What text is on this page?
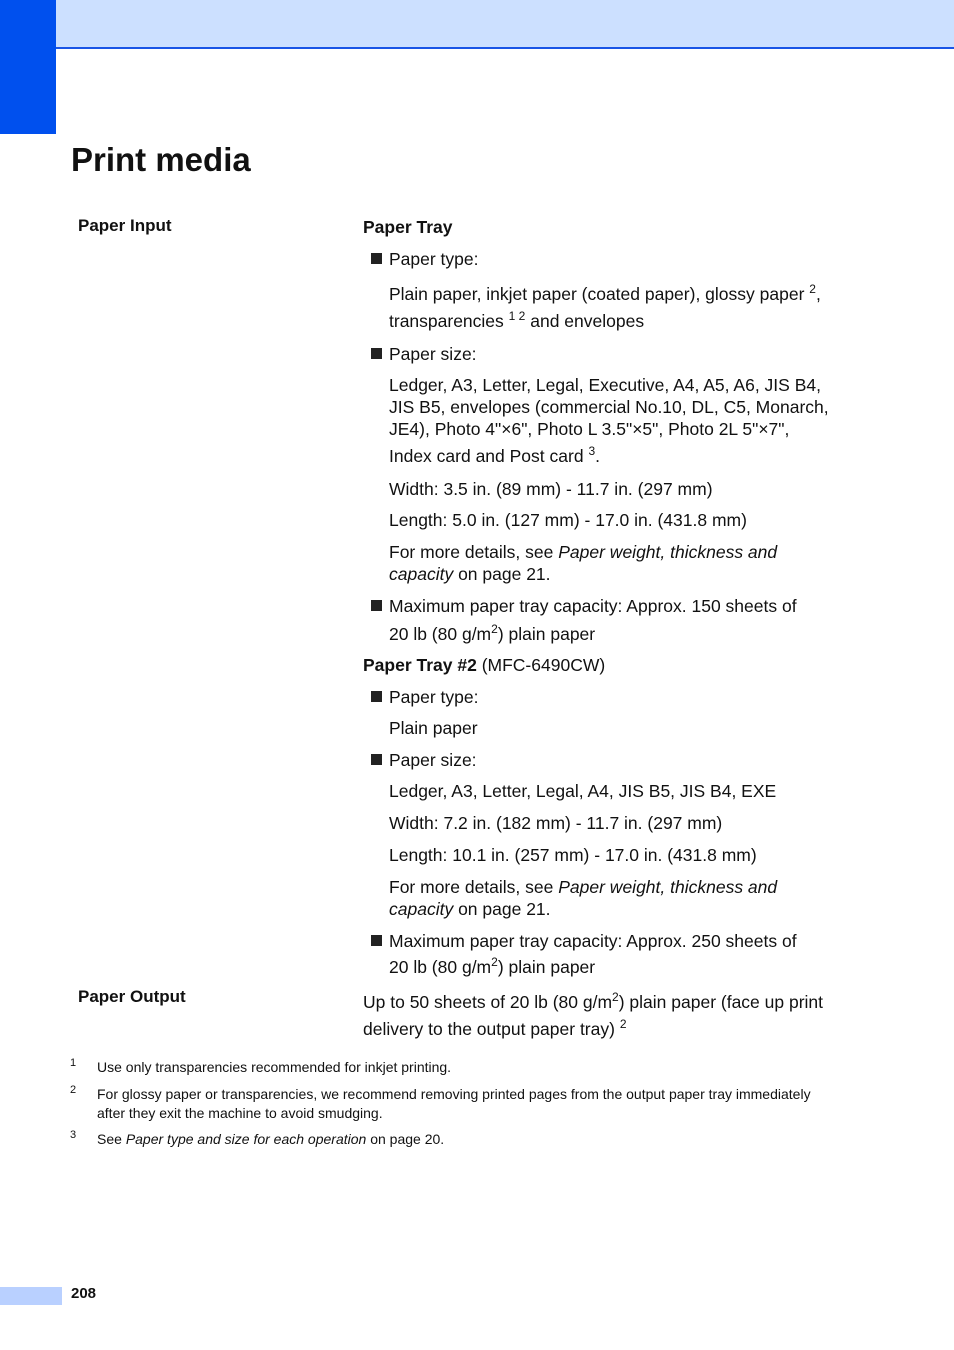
Print media
Paper Input	Paper Tray
Paper type:
Plain paper, inkjet paper (coated paper), glossy paper $^2$,
transparencies $^{1 2}$ and envelopes
Paper size:
Ledger, A3, Letter, Legal, Executive, A4, A5, A6, JIS B4,
JIS B5, envelopes (commercial No.10, DL, C5, Monarch,
JE4), Photo 4"×6", Photo L 3.5"×5", Photo 2L 5"×7",
Index card and Post card $^3$.
Width: 3.5 in. (89 mm) - 11.7 in. (297 mm)
Length: 5.0 in. (127 mm) - 17.0 in. (431.8 mm)
For more details, see Paper weight, thickness and
capacity on page 21.
Maximum paper tray capacity: Approx. 150 sheets of
20 lb (80 $g/m^2$) plain paper
Paper Tray #2 (MFC-6490CW)
Paper type:
Plain paper
Paper size:
Ledger, A3, Letter, Legal, A4, JIS B5, JIS B4, EXE
Width: 7.2 in. (182 mm) - 11.7 in. (297 mm)
Length: 10.1 in. (257 mm) - 17.0 in. (431.8 mm)
For more details, see Paper weight, thickness and
capacity on page 21.
Maximum paper tray capacity: Approx. 250 sheets of
20 lb (80 $g/m^2$) plain paper
Paper Output	Up to 50 sheets of 20 lb (80 $g/m^2$) plain paper (face up print
delivery to the output paper tray) $^2$
1 Use only transparencies recommended for inkjet printing.
2 For glossy paper or transparencies, we recommend removing printed pages from the output paper tray immediately
after they exit the machine to avoid smudging.
3 See Paper type and size for each operation on page 20.
208
